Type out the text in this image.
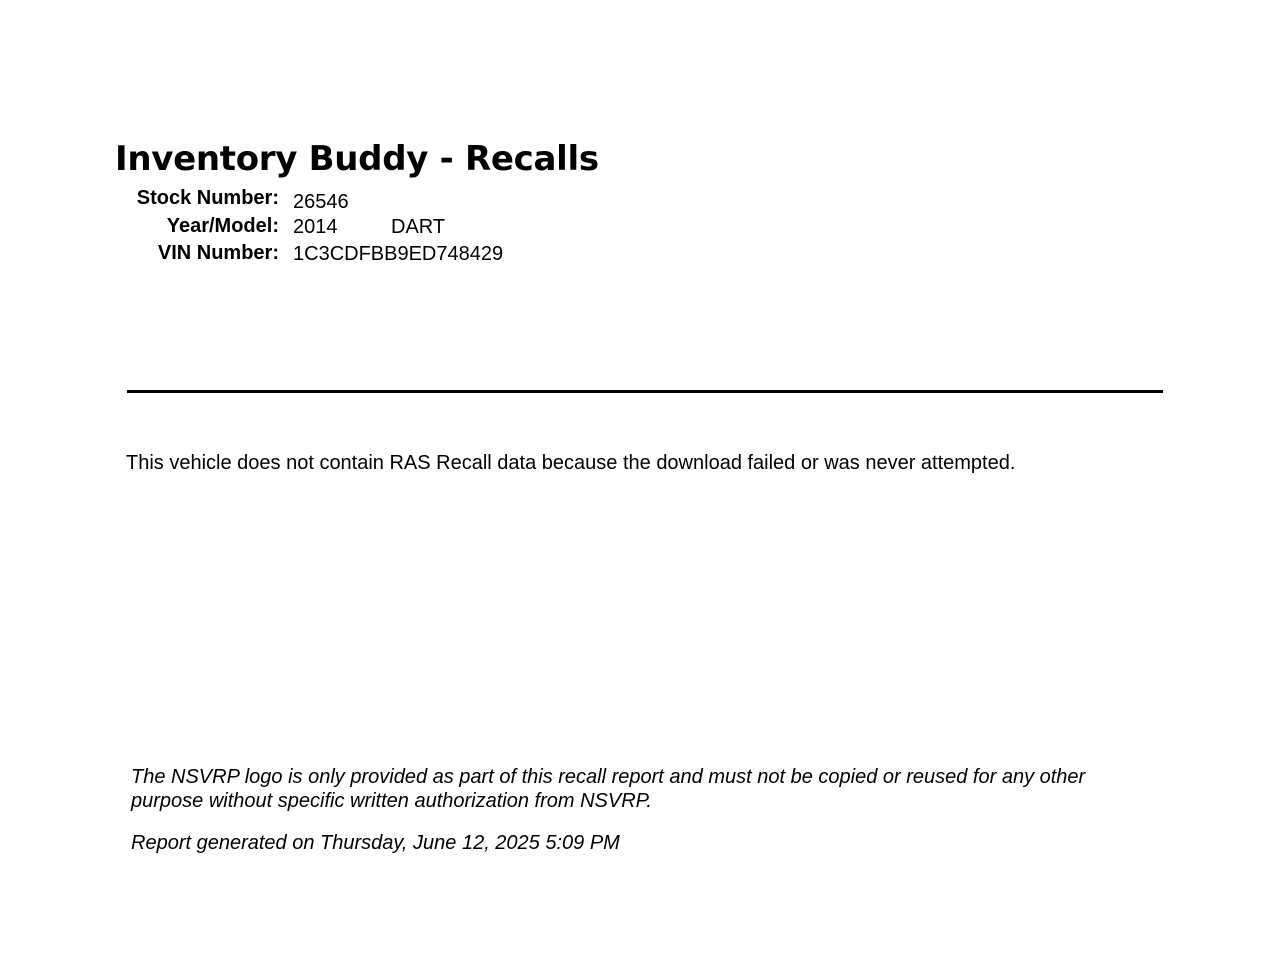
Inventory Buddy - Recalls
Stock Number: 26546
Year/Model: 2014	DART
VIN Number: 1C3CDFBB9ED748429
This vehicle does not contain RAS Recall data because the download failed or was never attempted.
The NSVRP logo is only provided as part of this recall report and must not be copied or reused for any other purpose without specific written authorization from NSVRP.
Report generated on Thursday, June 12, 2025 5:09 PM
